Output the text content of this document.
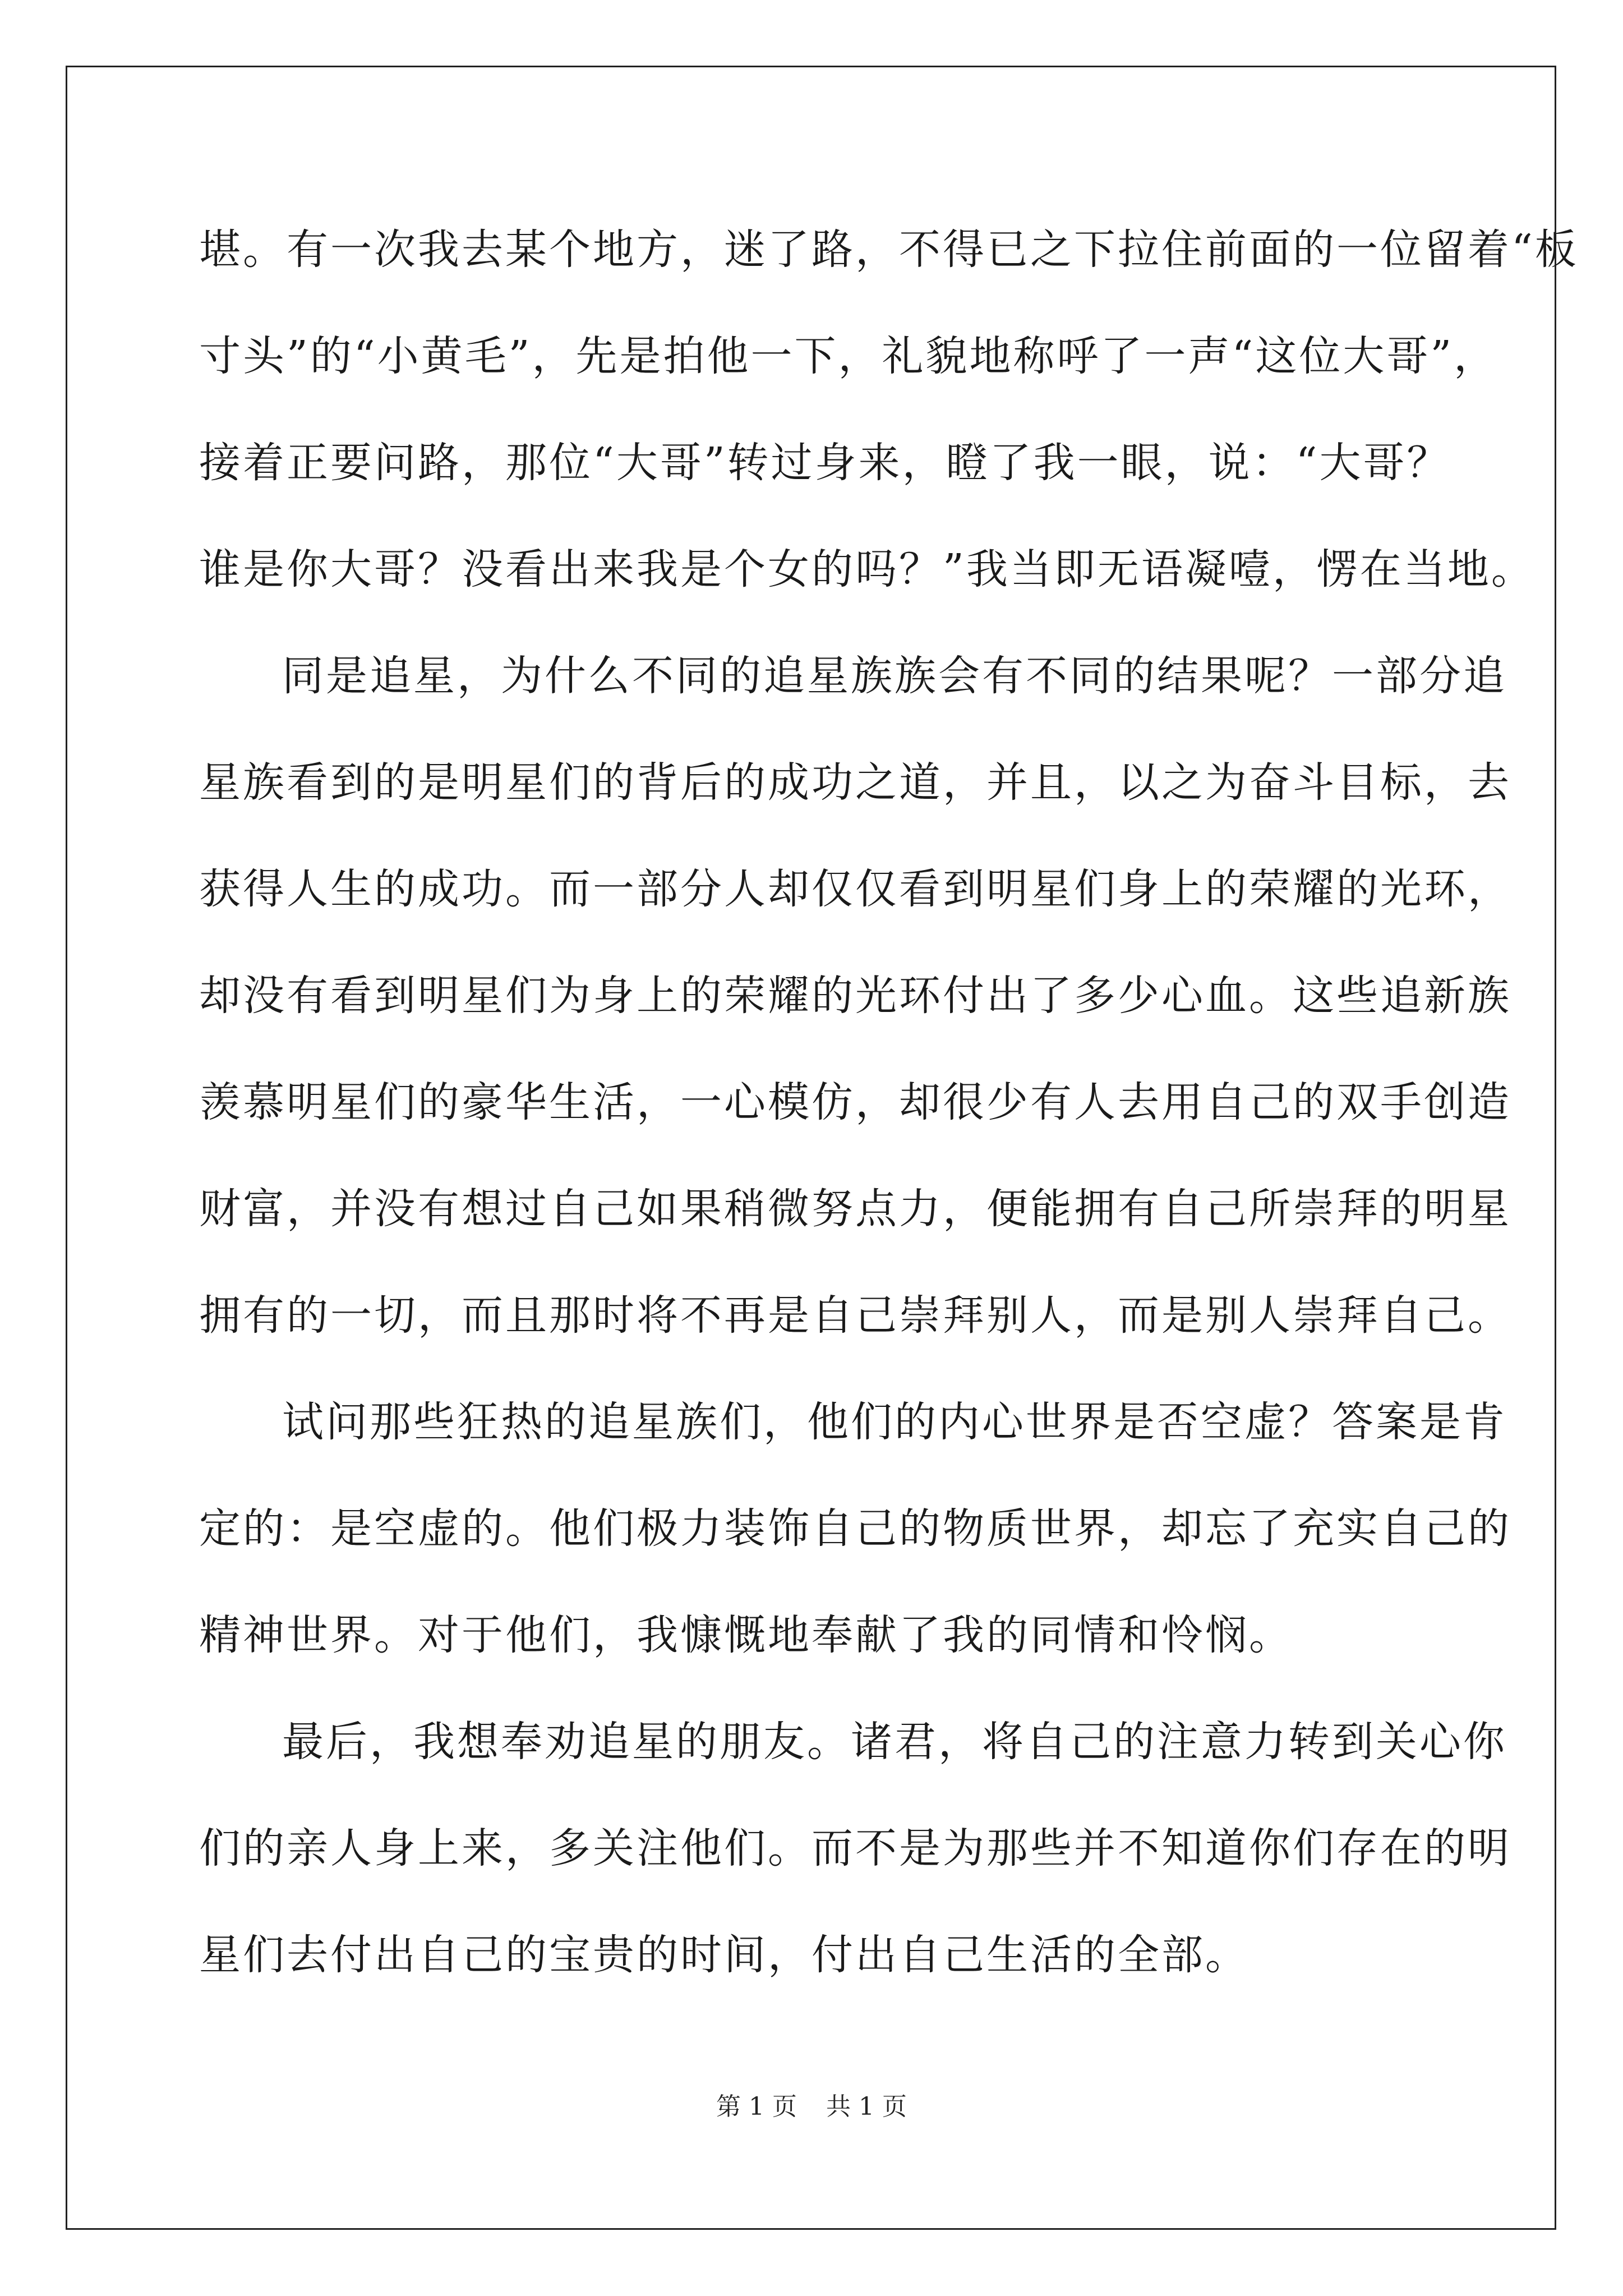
堪。有一次我去某个地方，迷了路，不得已之下拉住前面的一位留着“板
寸头”的“小黄毛”，先是拍他一下，礼貌地称呼了一声“这位大哥”，
接着正要问路，那位“大哥”转过身来，瞪了我一眼，说：“大哥？
谁是你大哥？没看出来我是个女的吗？”我当即无语凝噎，愣在当地。
同是追星，为什么不同的追星族族会有不同的结果呢？一部分追
星族看到的是明星们的背后的成功之道，并且，以之为奋斗目标，去
获得人生的成功。而一部分人却仅仅看到明星们身上的荣耀的光环，
却没有看到明星们为身上的荣耀的光环付出了多少心血。这些追新族
羡慕明星们的豪华生活，一心模仿，却很少有人去用自己的双手创造
财富，并没有想过自己如果稍微努点力，便能拥有自己所崇拜的明星
拥有的一切，而且那时将不再是自己崇拜别人，而是别人崇拜自己。
试问那些狂热的追星族们，他们的内心世界是否空虚？答案是肯
定的：是空虚的。他们极力装饰自己的物质世界，却忘了充实自己的
精神世界。对于他们，我慷慨地奉献了我的同情和怜悯。
最后，我想奉劝追星的朋友。诸君，将自己的注意力转到关心你
们的亲人身上来，多关注他们。而不是为那些并不知道你们存在的明
星们去付出自己的宝贵的时间，付出自己生活的全部。
第 1 页 共 1 页
